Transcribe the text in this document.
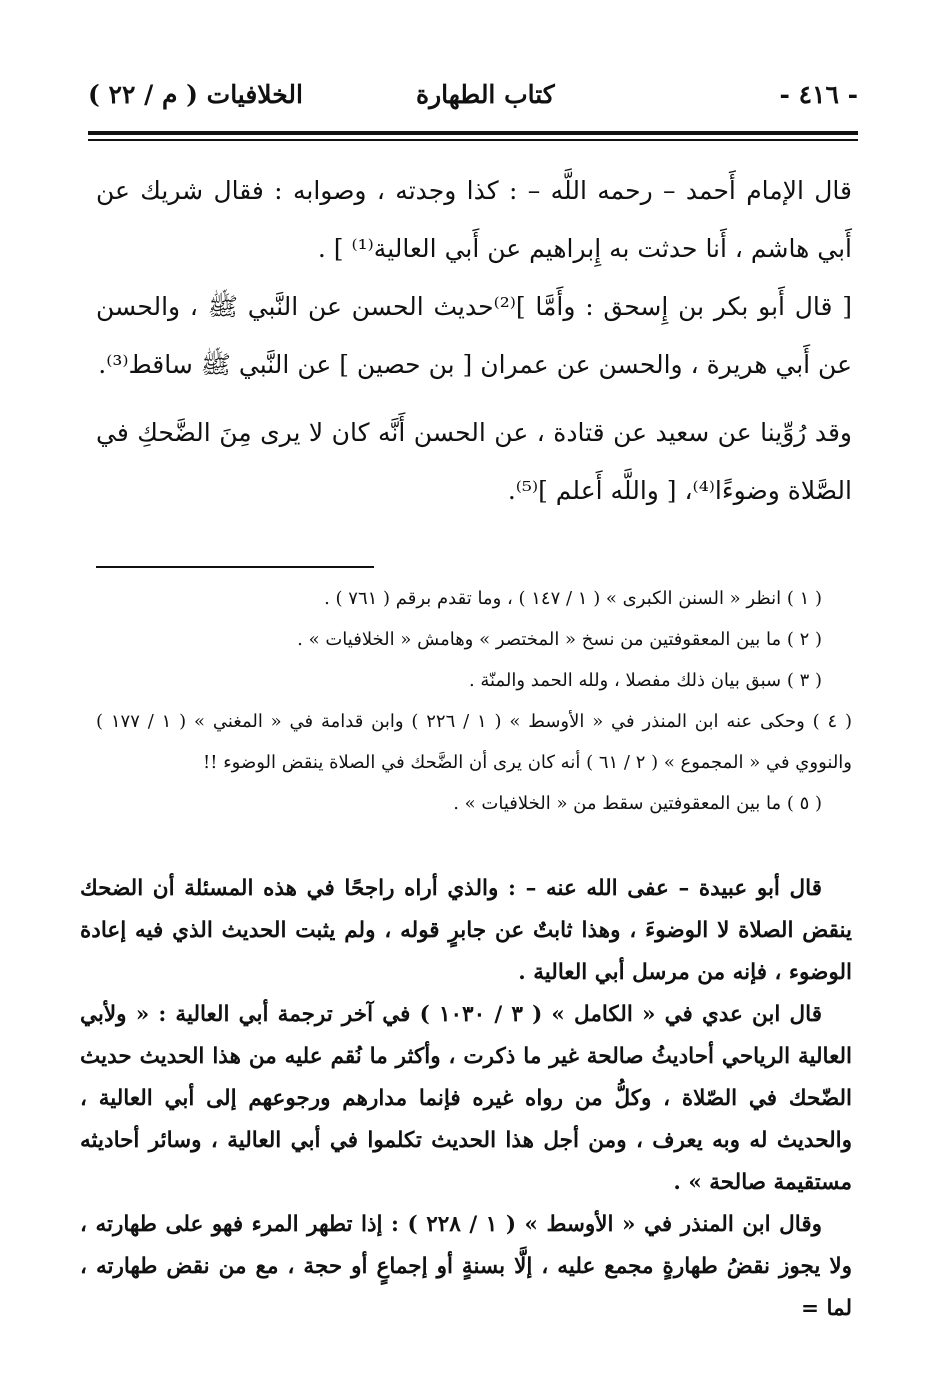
- ٤١٦ -
كتاب الطهارة
الخلافيات ( م / ٢٢ )

قال الإمام أَحمد – رحمه اللَّه – : كذا وجدته ، وصوابه : فقال شريك عن أَبي هاشم ، أَنا حدثت به إِبراهيم عن أَبي العالية⁽¹⁾ ] .

[ قال أَبو بكر بن إِسحق : وأَمَّا ]⁽²⁾حديث الحسن عن النَّبي ﷺ ، والحسن عن أَبي هريرة ، والحسن عن عمران [ بن حصين ] عن النَّبي ﷺ ساقط⁽³⁾.

وقد رُوِّينا عن سعيد عن قتادة ، عن الحسن أَنَّه كان لا يرى مِنَ الضَّحكِ في الصَّلاة وضوءًا⁽⁴⁾، [ واللَّه أَعلم ]⁽⁵⁾.

( ١ ) انظر « السنن الكبرى » ( ١ / ١٤٧ ) ، وما تقدم برقم ( ٧٦١ ) .

( ٢ ) ما بين المعقوفتين من نسخ « المختصر » وهامش « الخلافيات » .

( ٣ ) سبق بيان ذلك مفصلا ، ولله الحمد والمنّة .

( ٤ ) وحكى عنه ابن المنذر في « الأوسط » ( ١ / ٢٢٦ ) وابن قدامة في « المغني » ( ١ / ١٧٧ ) والنووي في « المجموع » ( ٢ / ٦١ ) أنه كان يرى أن الضَّحك في الصلاة ينقض الوضوء !!

( ٥ ) ما بين المعقوفتين سقط من « الخلافيات » .

قال أبو عبيدة – عفى الله عنه – : والذي أراه راجحًا في هذه المسئلة أن الضحك ينقض الصلاة لا الوضوءَ ، وهذا ثابتٌ عن جابرٍ قوله ، ولم يثبت الحديث الذي فيه إعادة الوضوء ، فإنه من مرسل أبي العالية .

قال ابن عدي في « الكامل » ( ٣ / ١٠٣٠ ) في آخر ترجمة أبي العالية : « ولأبي العالية الرياحي أحاديثُ صالحة غير ما ذكرت ، وأكثر ما نُقم عليه من هذا الحديث حديث الضّحك في الصّلاة ، وكلُّ من رواه غيره فإنما مدارهم ورجوعهم إلى أبي العالية ، والحديث له وبه يعرف ، ومن أجل هذا الحديث تكلموا في أبي العالية ، وسائر أحاديثه مستقيمة صالحة » .

وقال ابن المنذر في « الأوسط » ( ١ / ٢٢٨ ) : إذا تطهر المرء فهو على طهارته ، ولا يجوز نقضُ طهارةٍ مجمع عليه ، إلَّا بسنةٍ أو إجماعٍ أو حجة ، مع من نقض طهارته ، لما =
